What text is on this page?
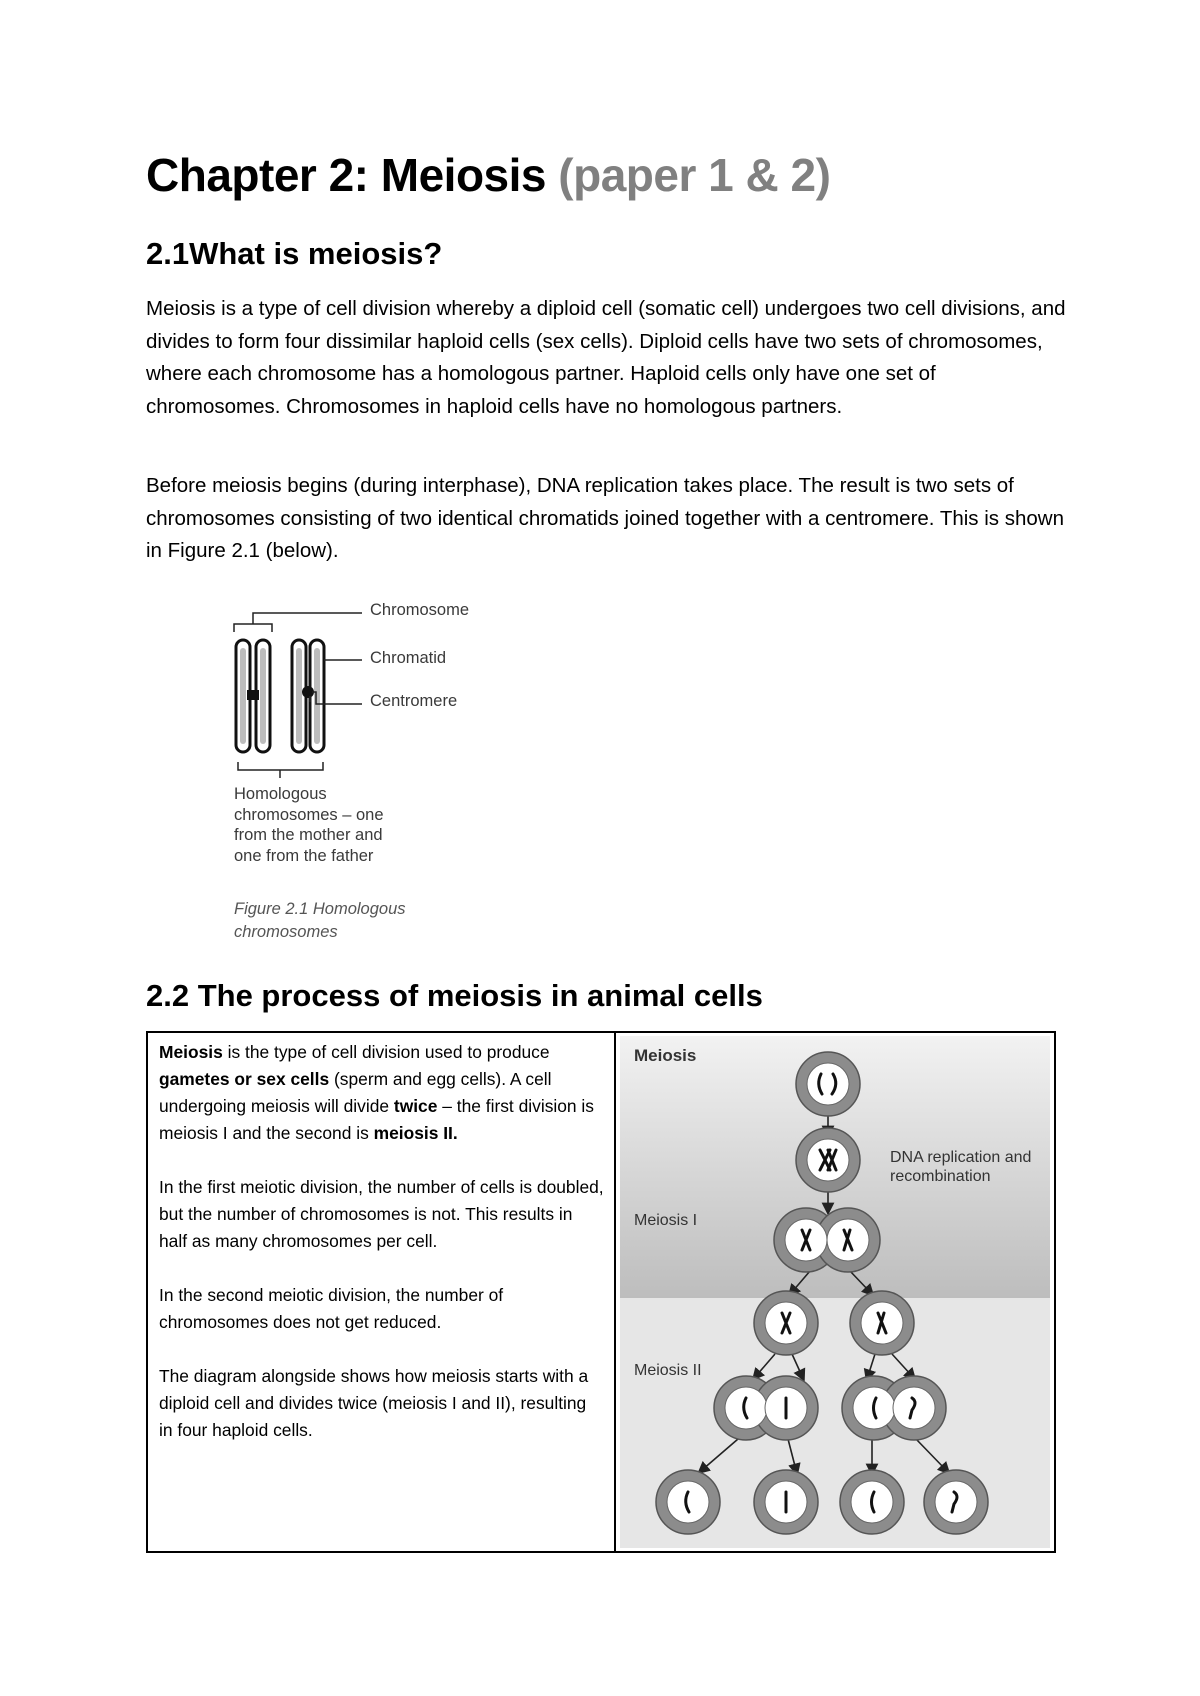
Chapter 2: Meiosis (paper 1 & 2)
2.1What is meiosis?

Meiosis is a type of cell division whereby a diploid cell (somatic cell) undergoes two cell divisions, and divides to form four dissimilar haploid cells (sex cells). Diploid cells have two sets of chromosomes, where each chromosome has a homologous partner. Haploid cells only have one set of chromosomes. Chromosomes in haploid cells have no homologous partners.

Before meiosis begins (during interphase), DNA replication takes place. The result is two sets of chromosomes consisting of two identical chromatids joined together with a centromere. This is shown in Figure 2.1 (below).

Chromosome
Chromatid
Centromere
Homologous chromosomes – one from the mother and one from the father
Figure 2.1 Homologous chromosomes
2.2 The process of meiosis in animal cells

Meiosis is the type of cell division used to produce gametes or sex cells (sperm and egg cells). A cell undergoing meiosis will divide twice – the first division is meiosis I and the second is meiosis II.

In the first meiotic division, the number of cells is doubled, but the number of chromosomes is not. This results in half as many chromosomes per cell.

In the second meiotic division, the number of chromosomes does not get reduced.

The diagram alongside shows how meiosis starts with a diploid cell and divides twice (meiosis I and II), resulting in four haploid cells.

Meiosis
DNA replication and recombination
Meiosis I
Meiosis II
